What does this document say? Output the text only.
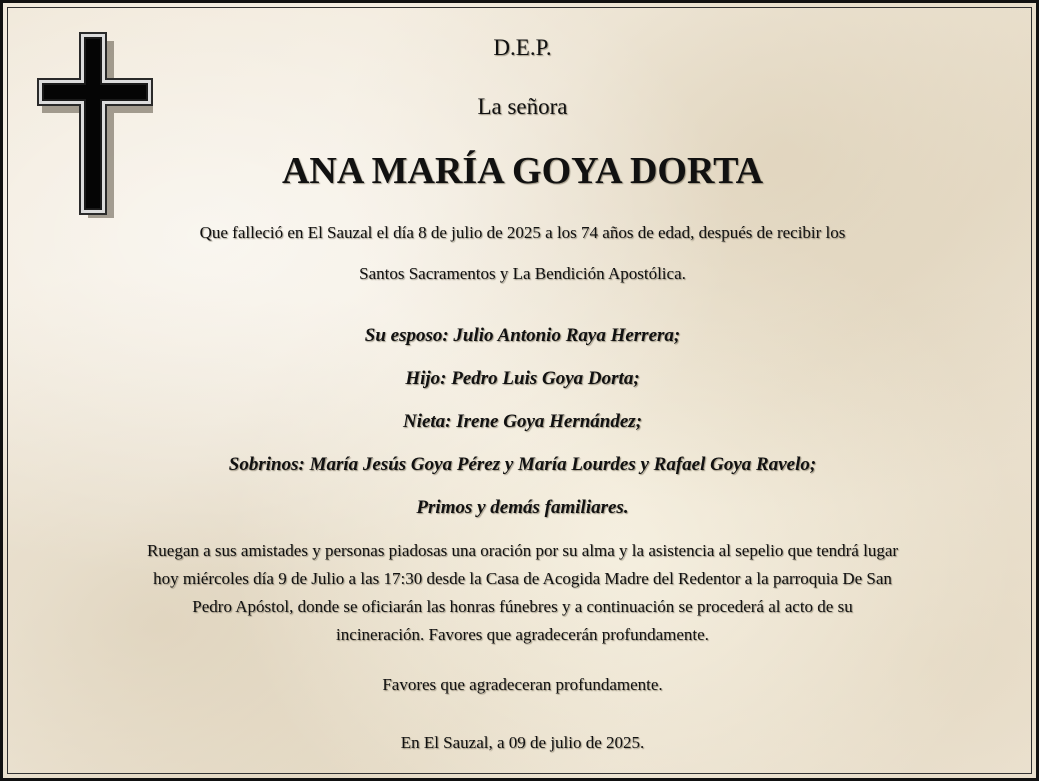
D.E.P.
La señora
ANA MARÍA GOYA DORTA
Que falleció en El Sauzal el día 8 de julio de 2025 a los 74 años de edad, después de recibir los
Santos Sacramentos y La Bendición Apostólica.
Su esposo: Julio Antonio Raya Herrera;
Hijo: Pedro Luis Goya Dorta;
Nieta: Irene Goya Hernández;
Sobrinos: María Jesús Goya Pérez y María Lourdes y Rafael Goya Ravelo;
Primos y demás familiares.
Ruegan a sus amistades y personas piadosas una oración por su alma y la asistencia al sepelio que tendrá lugar
hoy miércoles día 9 de Julio a las 17:30 desde la Casa de Acogida Madre del Redentor a la parroquia De San
Pedro Apóstol, donde se oficiarán las honras fúnebres y a continuación se procederá al acto de su
incineración. Favores que agradecerán profundamente.
Favores que agradeceran profundamente.
En El Sauzal, a 09 de julio de 2025.
